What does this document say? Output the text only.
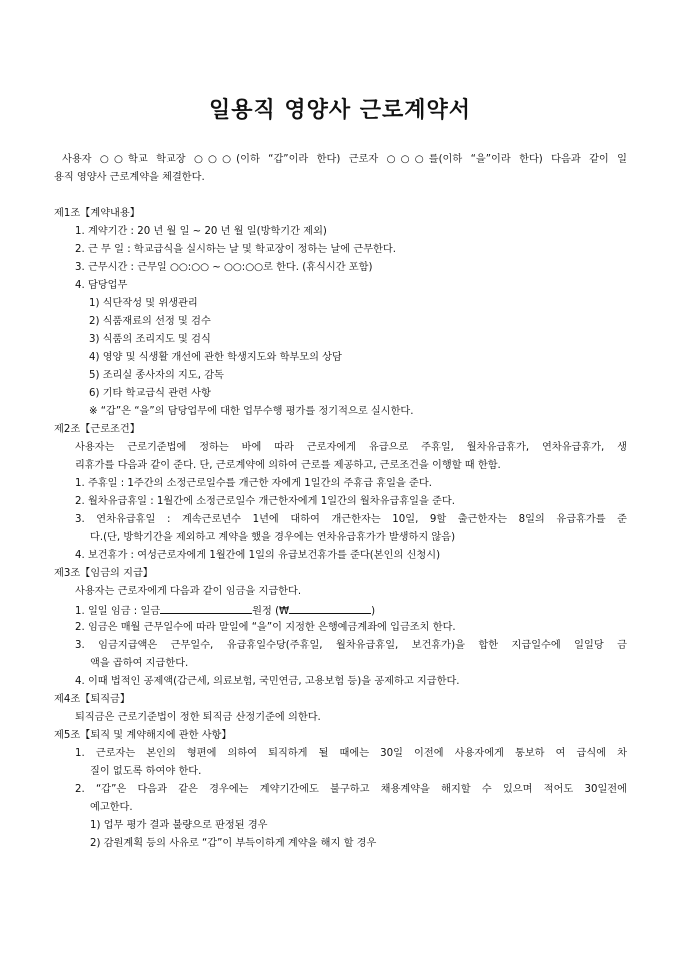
일용직 영양사 근로계약서
사용자 ○○학교 학교장 ○○○(이하 “갑”이라 한다) 근로자 ○○○를(이하 “을”이라 한다) 다음과 같이 일
용직 영양사 근로계약을 체결한다.
제1조【계약내용】
1. 계약기간 : 20 년 월 일 ~ 20 년 월 일(방학기간 제외)
2. 근 무 일 : 학교급식을 실시하는 날 및 학교장이 정하는 날에 근무한다.
3. 근무시간 : 근무일 ○○:○○ ~ ○○:○○로 한다. (휴식시간 포함)
4. 담당업무
1) 식단작성 및 위생관리
2) 식품재료의 선정 및 검수
3) 식품의 조리지도 및 검식
4) 영양 및 식생활 개선에 관한 학생지도와 학부모의 상담
5) 조리실 종사자의 지도, 감독
6) 기타 학교급식 관련 사항
※ “갑”은 “을”의 담당업무에 대한 업무수행 평가를 정기적으로 실시한다.
제2조【근로조건】
사용자는 근로기준법에 정하는 바에 따라 근로자에게 유급으로 주휴일, 월차유급휴가, 연차유급휴가, 생
리휴가를 다음과 같이 준다. 단, 근로계약에 의하여 근로를 제공하고, 근로조건을 이행할 때 한함.
1. 주휴일 : 1주간의 소정근로일수를 개근한 자에게 1일간의 주휴급 휴일을 준다.
2. 월차유급휴일 : 1월간에 소정근로일수 개근한자에게 1일간의 월차유급휴일을 준다.
3. 연차유급휴일 : 계속근로년수 1년에 대하여 개근한자는 10일, 9할 출근한자는 8일의 유급휴가를 준
다.(단, 방학기간을 제외하고 계약을 했을 경우에는 연차유급휴가가 발생하지 않음)
4. 보건휴가 : 여성근로자에게 1월간에 1일의 유급보건휴가를 준다(본인의 신청시)
제3조【임금의 지급】
사용자는 근로자에게 다음과 같이 임금을 지급한다.
1. 일일 임금 : 일금	원정 (₩	)
2. 임금은 매월 근무일수에 따라 말일에 “을”이 지정한 은행예금계좌에 입금조치 한다.
3. 임금지급액은 근무일수, 유급휴일수당(주휴일, 월차유급휴일, 보건휴가)을 합한 지급일수에 일일당 금
액을 곱하여 지급한다.
4. 이때 법적인 공제액(갑근세, 의료보험, 국민연금, 고용보험 등)을 공제하고 지급한다.
제4조【퇴직금】
퇴직금은 근로기준법이 정한 퇴직금 산정기준에 의한다.
제5조【퇴직 및 계약해지에 관한 사항】
1. 근로자는 본인의 형편에 의하여 퇴직하게 될 때에는 30일 이전에 사용자에게 통보하 여 급식에 차
질이 없도록 하여야 한다.
2. “갑”은 다음과 같은 경우에는 계약기간에도 불구하고 채용계약을 해지할 수 있으며 적어도 30일전에
예고한다.
1) 업무 평가 결과 불량으로 판정된 경우
2) 감원계획 등의 사유로 “갑”이 부득이하게 계약을 해지 할 경우
